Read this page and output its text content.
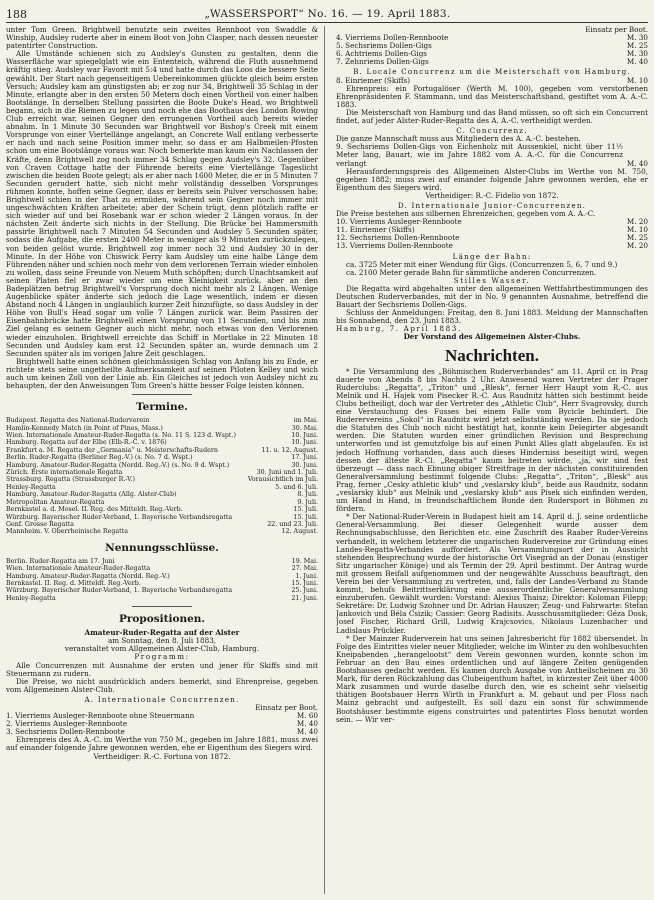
188	„WASSERSPORT“ No. 16. — 19. April 1883.

unter Tom Green. Brightwell benutzte sein zweites Rennboot von Swaddle & Winship, Audsley ruderte aber in einem Boot von John Clasper, nach dessen neuester patentirter Construction.

Alle Umstände schienen sich zu Audsley's Gunsten zu gestalten, denn die Wasserfläche war spiegelglatt wie ein Ententeich, während die Fluth ausnehmend kräftig stieg. Audsley war Favorit mit 5:4 und hatte durch das Loos die bessere Seite gewählt. Der Start nach gegenseitigem Uebereinkommen glückte gleich beim ersten Versuch; Audsley kam am günstigsten ab; er zog nur 34, Brightwell 35 Schlag in der Minute, erlangte aber in den ersten 50 Metern doch einen Vortheil von einer halben Bootslänge. In derselben Stellung passirten die Boote Duke's Head, wo Brightwell begann, sich in die Riemen zu legen und noch ehe das Boothaus des London Rowing Club erreicht war, seinen Gegner den errungenen Vortheil auch bereits wieder abnahm. In 1 Minute 30 Secunden war Brightwell vor Bishop's Creek mit einem Vorsprunge von einer Viertellänge angelangt, an Concrete Wall entlang verbesserte er nach und nach seine Position immer mehr, so dass er am Halbmeilen-Pfosten schon um eine Bootslänge voraus war. Noch bemerkte man kaum ein Nachlassen der Kräfte, denn Brightwell zog noch immer 34 Schlag gegen Audsley's 32. Gegenüber von Craven Cottage hatte der Führende bereits eine Viertellänge Tageslicht zwischen die beiden Boote gelegt; als er aber nach 1600 Meter, die er in 5 Minuten 7 Secunden gerudert hatte, sich nicht mehr vollständig desselben Vorsprunges rühmen konnte, hoffen seine Gegner, dass er bereits sein Pulver verschossen habe; Brightwell schien in der That zu ermüden, während sein Gegner noch immer mit ungeschwächten Kräften arbeitete; aber der Schein trügt, denn plötzlich raffte er sich wieder auf und bei Rosebank war er schon wieder 2 Längen voraus. In der nächsten Zeit änderte sich nichts in der Stellung. Die Brücke bei Hammersmith passirte Brightwell nach 7 Minuten 54 Secunden und Audsley 5 Secunden später, sodass die Aufgabe, die ersten 2400 Meter in weniger als 9 Minuten zurückzulegen, von beiden gelöst wurde. Brightwell zog immer noch 32 und Audsley 30 in der Minute. In der Höhe von Chiswick Ferry kam Audsley um eine halbe Länge dem Führenden näher und schien noch mehr von dem verlorenen Terrain wieder einholen zu wollen, dass seine Freunde von Neuem Muth schöpften; durch Unachtsamkeit auf seinen Platen fiel er zwar wieder um eine Kleinigkeit zurück, aber an den Badeplätzen betrug Brightwell's Vorsprung doch nicht mehr als 2 Längen. Wenige Augenblicke später änderte sich jedoch die Lage wesentlich, indem er diesen Abstand noch 4 Längen in unglaublich kurzer Zeit hinzufügte, so dass Audsley in der Höhe von Bull's Head sogar um volle 7 Längen zurück war. Beim Passiren der Eisenbahnbrücke hatte Brightwell einen Vorsprung von 11 Secunden, und bis zum Ziel gelang es seinem Gegner auch nicht mehr, noch etwas von den Verlorenen wieder einzuholen. Brightwell erreichte das Schiff in Mortlake in 22 Minuten 18 Secunden und Audsley kam erst 12 Secunden später an, wurde demnach um 2 Secunden später als im vorigen Jahre Zeit geschlagen.

Brightwell hatte einen schönen gleichmässigen Schlag von Anfang bis zu Ende, er richtete stets seine ungetheilte Aufmerksamkeit auf seinen Piloten Kelley und wich auch um keinen Zoll von der Linie ab. Ein Gleiches ist jedoch von Audsley nicht zu behaupten, der den Anweisungen Tom Green's hätte besser Folge leisten können.

Termine.
Budapest. Regatta des National-Ruderverein	im Mai.
Hamlin-Kennedy Match (in Point of Pines, Mass.)	30. Mai.
Wien. Internationale Amateur-Ruder-Regatta (s. No. 11 S. 123 d. Wspt.)	10. Juni.
Hamburg. Regatta auf der Elbe (Elb-R.-C. v. 1876)	10. Juni.
Frankfurt a. M. Regatta der „Germania“ u. Meisterschafts-Rudern	11. u. 12. August.
Berlin. Ruder-Regatta (Berliner Reg.-V.) (s. No. 7 d. Wspt.)	17. Juni.
Hamburg. Amateur-Ruder-Regatta (Nordd. Reg.-V.) (s. No. 9 d. Wspt.)	30. Juni.
Zürich. Erste internationale Regatta	30. Juni und 1. Juli.
Strassburg. Regatta (Strassburger R.-V.)	Vorausichtlich im Juli.
Henley-Regatta	5. und 6. Juli.
Hamburg. Amateur-Ruder-Regatta (Allg. Alster-Club)	8. Juli.
Metropolitan Amateur-Regatta	9. Juli.
Bernkastel a. d. Mosel. II. Reg. des Mitteldt. Reg.-Verb.	15. Juli.
Würzburg. Bayerischer Ruder-Verband, 1. Bayerische Verbandsregatta	15. Juli.
Genf. Grosse Regatta	22. und 23. Juli.
Mannheim. V. Oberrheinische Regatta	12. August.
Nennungsschlüsse.
Berlin. Ruder-Regatta am 17. Juni	19. Mai.
Wien. Internationale Amateur-Ruder-Regatta	27. Mai.
Hamburg. Amateur-Ruder-Regatta (Nordd. Reg.-V.)	1. Juni.
Bernkastel. II. Reg. d. Mitteldt. Reg.-Verb.	15. Juni.
Würzburg. Bayerischer Ruder-Verband, 1. Bayerische Verbandsregatta	25. Juni.
Henley-Regatta	21. Juni.
Propositionen.

Amateur-Ruder-Regatta auf der Alster

am Sonntag, den 8. Juli 1883,

veranstaltet vom Allgemeinen Alster-Club, Hamburg.

Programm:

Alle Concurrenzen mit Ausnahme der ersten und jener für Skiffs sind mit Steuermann zu rudern.

Die Preise, wo nicht ausdrücklich anders bemerkt, sind Ehrenpreise, gegeben vom Allgemeinen Alster-Club.

A. Internationale Concurrenzen.

Einsatz per Boot.

1. Vierriems Ausleger-Rennboote ohne Steuermann	M. 60
2. Vierriems Ausleger-Rennboote	M. 40
3. Sechsriems Dollen-Rennboote	M. 40

Ehrenpreis des A. A.-C. im Werthe von 750 M., gegeben im Jahre 1881, muss zwei auf einander folgende Jahre gewonnen werden, ehe er Eigenthum des Siegers wird.

Vertheidiger: R.-C. Fortuna von 1872.

Einsatz per Boot.

4. Vierriems Dollen-Rennboote	M. 30
5. Sechsriems Dollen-Gigs	M. 25
6. Achtriems Dollen-Gigs	M. 30
7. Zehnriems Dollen-Gigs	M. 40

B. Locale Concurrenz um die Meisterschaft von Hamburg.

8. Einriemer (Skiffs)	M. 10

Ehrenpreis: ein Portugalöser (Werth M. 100), gegeben vom verstorbenen Ehrenpräsidenten F. Stammann, und das Meisterschaftsband, gestiftet vom A. A.-C. 1883.

Die Meisterschaft von Hamburg und das Band müssen, so oft sich ein Concurrent findet, auf jeder Alster-Ruder-Regatta des A. A.-C. vertheidigt werden.

C. Concurrenz.

Die ganze Mannschaft muss aus Mitgliedern des A. A.-C. bestehen.

9. Sechsriems Dollen-Gigs von Eichenholz mit Aussenkiel, nicht über 11½ Meter lang, Bauart, wie im Jahre 1882 vom A. A.-C. für die Concurrenz verlangt	M. 40

Herausforderungspreis des Allgemeinen Alster-Clubs im Werthe von M. 750, gegeben 1882; muss zwei auf einander folgende Jahre gewonnen werden, ehe er Eigenthum des Siegers wird.

Vertheidiger: R.-C. Fidelio von 1872.

D. Internationale Junior-Concurrenzen.

Die Preise bestehen aus silbernen Ehrenzeichen, gegeben vom A. A.-C.

10. Vierriems Ausleger-Rennboote	M. 20
11. Einriemer (Skiffs)	M. 10
12. Sechsriems Dollen-Rennboote	M. 25
13. Vierriems Dollen-Rennboote	M. 20

Länge der Bahn:

ca. 3725 Meter mit einer Wendung für Gigs. (Concurrenzen 5, 6, 7 und 9.)

ca. 2100 Meter gerade Bahn für sämmtliche anderen Concurrenzen.

Stilles Wasser.

Die Regatta wird abgehalten unter den allgemeinen Wettfahrtbestimmungen des Deutschen Ruderverbandes, mit der in No. 9 genannten Ausnahme, betreffend die Bauart der Sechsriems Dollen-Gigs.

Schluss der Anmeldungen: Freitag, den 8. Juni 1883. Meldung der Mannschaften bis Sonnabend, den 23. Juni 1883.

Hamburg, 7. April 1883.

Der Vorstand des Allgemeinen Alster-Clubs.

Nachrichten.

* Die Versammlung des „Böhmischen Ruderverbandes“ am 11. April cr. in Prag dauerte von Abends 8 bis Nachts 2 Uhr. Anwesend waren Vertreter der Prager Ruderclubs: „Regatta“, „Triton“ und „Blesk“, ferner Herr Haupt vom R.-C. aus Melnik und H. Hajek vom Pisecker R.-C. Aus Raudnitz hätten sich bestimmt beide Clubs betheiligt, doch war der Vertreter des „Athletic Club“, Herr Svagrovsky, durch eine Verstauchung des Fusses bei einem Falle vom Bycicle behindert. Die Ruderervereins „Sokol“ in Raudnitz wird jetzt selbstständig werden. Da sie jedoch die Statuten des Club noch nicht bestätigt hat, konnte kein Delegirter abgesandt werden. Die Statuten wurden einer gründlichen Revision und Besprechung unterworfen und ist gemutzfolge bis auf einen Punkt Alles glatt abgelaufen. Es ist jedoch Hoffnung vorhanden, dass auch dieses Hinderniss beseitigt wird, wegen dessen der älteste R.-Cl. „Regatta“ kaum beitreten würde, „ja, wir sind fest überzeugt — dass nach Ebnung obiger Streitfrage in der nächsten constituirenden Generalversammlung bestimmt folgende Clubs: „Regatta“, „Triton“, „Blesk“ aus Prag, ferner „Cesky athletic klub“ und „veslarsky klub“, beide aus Raudnitz, sodann „veslarsky klub“ aus Melnik und „veslarsky klub“ aus Pisek sich einfinden werden, um Hand in Hand, in freundschaftlichem Bunde den Rudersport in Böhmen zu fördern.

* Der National-Ruder-Verein in Budapest hielt am 14. April d. J. seine ordentliche General-Versammlung. Bei dieser Gelegenheit wurde ausser dem Rechnungsabschlusse, den Berichten etc. eine Zuschrift des Raaber Ruder-Vereins verhandelt, in welchem letzterer die ungarischen Rudervereine zur Gründung eines Landes-Regatta-Verbandes auffordert. Als Versammlungsort der in Aussicht stehenden Besprechung wurde der historische Ort Visegrád an der Donau (einstiger Sitz ungarischer Könige) und als Termin der 29. April bestimmt. Der Antrag wurde mit grossem Beifall aufgenommen und der neugewählte Ausschuss beauftragt, den Verein bei der Versammlung zu vertreten, und, falls der Landes-Verband zu Stande kommt, behufs Beitrittserklärung eine ausserordentliche Generalversammlung einzuberufen. Gewählt wurden: Vorstand: Alexius Thaisz; Direktor: Koloman Filepp; Sekretäre: Dr. Ludwig Szohner und Dr. Adrian Hauszer; Zeug- und Fahrwarte: Stefan Jankovich und Béla Csizik; Cassier: Georg Radisits. Ausschussmitglieder: Géza Dosk, Josef Fischer, Richard Grill, Ludwig Krajcsovics, Nikolaus Luzenbacher und Ladislaus Prückler.

* Der Mainzer Ruderverein hat uns seinen Jahresbericht für 1882 übersendet. In Folge des Eintrittes vieler neuer Mitglieder, welche im Winter zu den wohlbesuchten Kneipabenden „herangelootst“ dem Verein gewonnen wurden, konnte schon im Februar an den Bau eines ordentlichen und auf längere Zeiten genügenden Bootshauses gedacht werden. Es kamen durch Ausgabe von Antheilscheinen zu 30 Mark, für deren Rückzahlung das Clubeigenthum haftet, in kürzester Zeit über 4000 Mark zusammen und wurde daselbe durch den, wie es scheint sehr vielseitig thätigen Bootsbauer Herrn Wirth in Frankfurt a. M. gebaut und per Floss nach Mainz gebracht und aufgestellt. Es soll dazu ein sonst für schwimmende Bootshäuser bestimmte eigens construirtes und patentirtes Floss benutzt worden sein. — Wir ver-
